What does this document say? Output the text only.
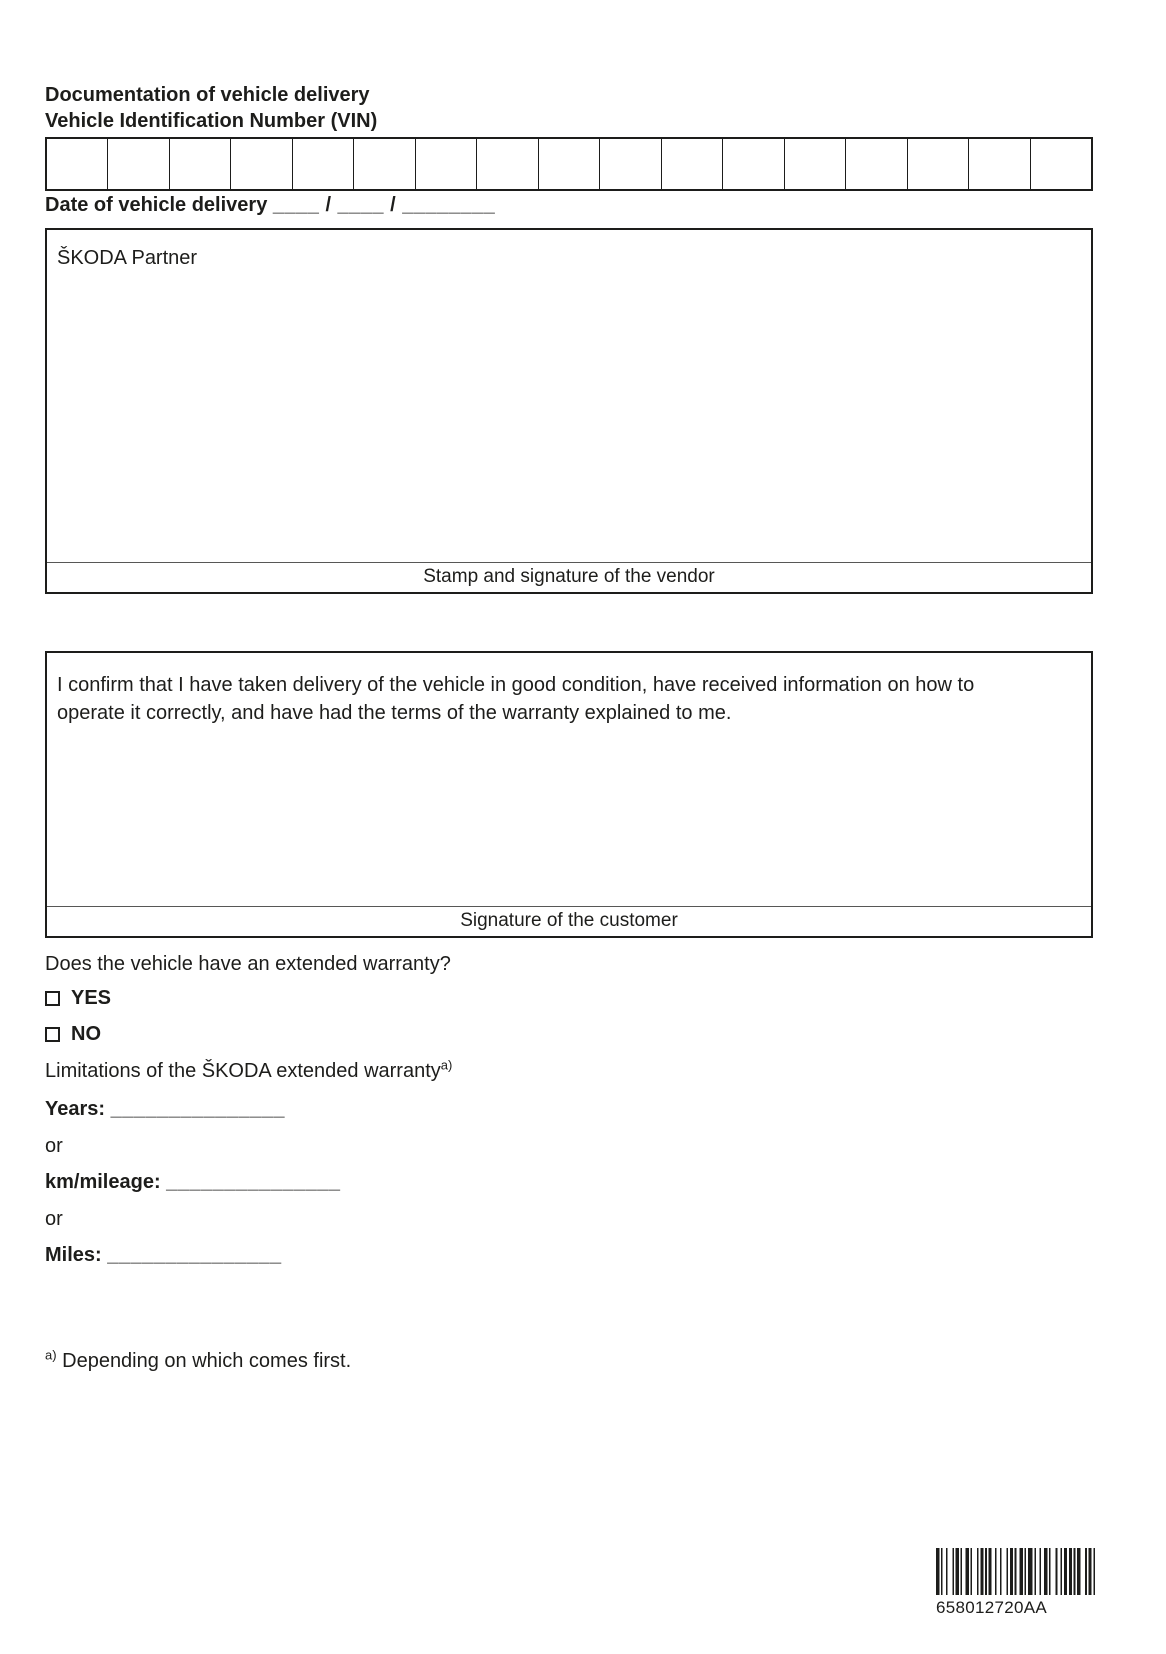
Documentation of vehicle delivery
Vehicle Identification Number (VIN)
Date of vehicle delivery ____ / ____ / ________

ŠKODA Partner

Stamp and signature of the vendor

I confirm that I have taken delivery of the vehicle in good condition, have received information on how to operate it correctly, and have had the terms of the warranty explained to me.

Signature of the customer
Does the vehicle have an extended warranty?
YES
NO
Limitations of the ŠKODA extended warranty$^{a)}$
Years: _______________
or
km/mileage: _______________
or
Miles: _______________
$^{a)}$ Depending on which comes first.
658012720AA
